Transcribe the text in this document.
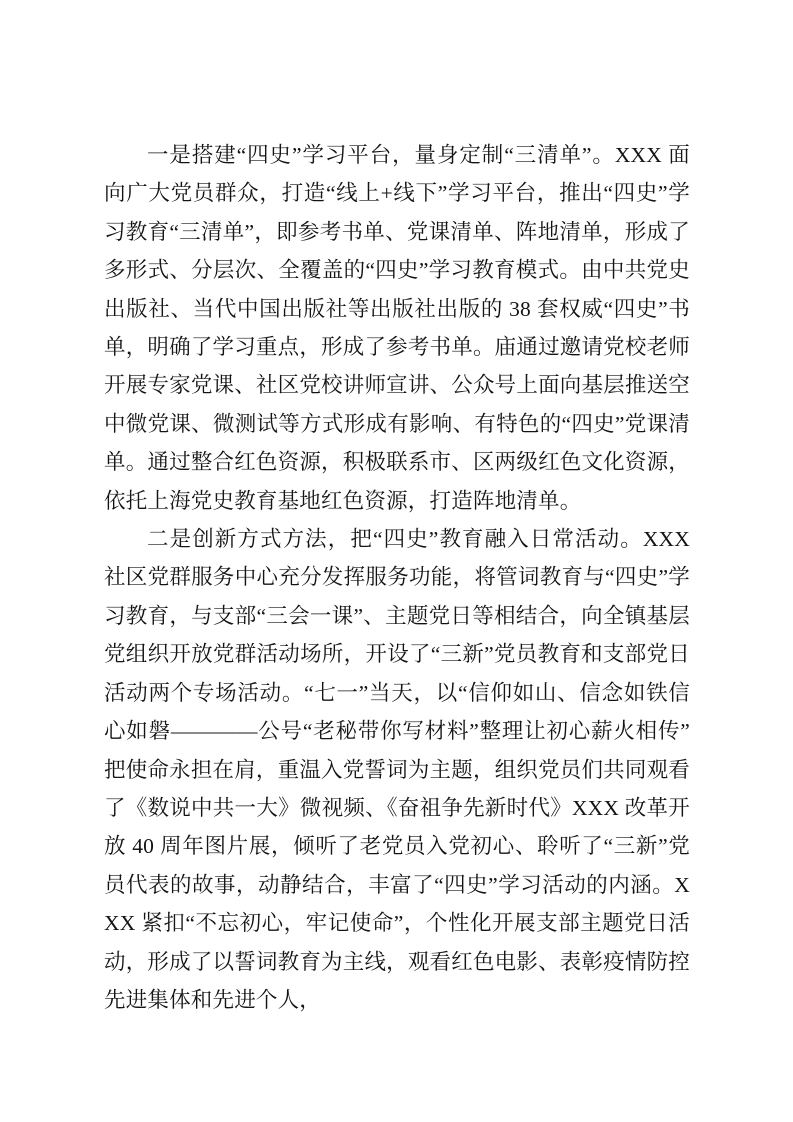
一是搭建“四史”学习平台，量身定制“三清单”。XXX 面向广大党员群众，打造“线上+线下”学习平台，推出“四史”学习教育“三清单”，即参考书单、党课清单、阵地清单，形成了多形式、分层次、全覆盖的“四史”学习教育模式。由中共党史出版社、当代中国出版社等出版社出版的 38 套权威“四史”书单，明确了学习重点，形成了参考书单。庙通过邀请党校老师开展专家党课、社区党校讲师宣讲、公众号上面向基层推送空中微党课、微测试等方式形成有影响、有特色的“四史”党课清单。通过整合红色资源，积极联系市、区两级红色文化资源，依托上海党史教育基地红色资源，打造阵地清单。

二是创新方式方法，把“四史”教育融入日常活动。XXX 社区党群服务中心充分发挥服务功能，将管词教育与“四史”学习教育，与支部“三会一课”、主题党日等相结合，向全镇基层党组织开放党群活动场所，开设了“三新”党员教育和支部党日活动两个专场活动。“七一”当天，以“信仰如山、信念如铁信心如磐————公号“老秘带你写材料”整理让初心薪火相传”把使命永担在肩，重温入党誓词为主题，组织党员们共同观看了《数说中共一大》微视频、《奋祖争先新时代》XXX 改革开放 40 周年图片展，倾听了老党员入党初心、聆听了“三新”党员代表的故事，动静结合，丰富了“四史”学习活动的内涵。XXX 紧扣“不忘初心，牢记使命”，个性化开展支部主题党日活动，形成了以誓词教育为主线，观看红色电影、表彰疫情防控先进集体和先进个人，
